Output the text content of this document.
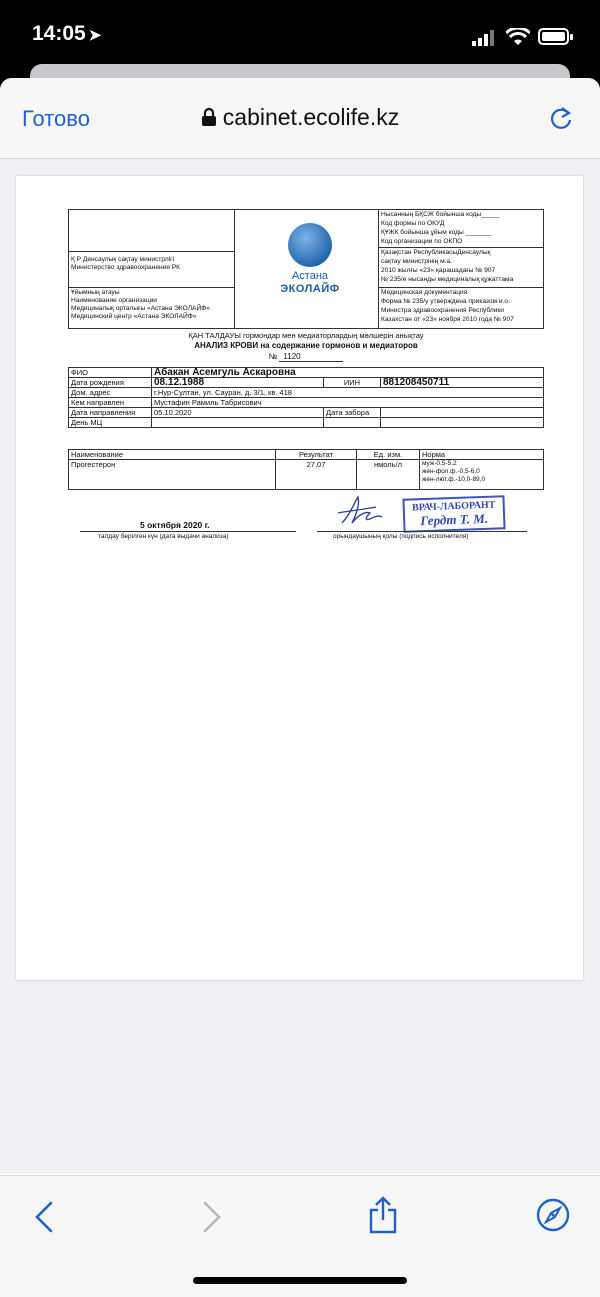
14:05 ➤
Готово	cabinet.ecolife.kz
Қ Р Денсаулық сақтау министрлігі
Министерство здравоохранения РК
Ұйымның атауы
Наименование организации
Медициналық орталығы «Астана ЭКОЛАЙФ»
Медицинский центр «Астана ЭКОЛАЙФ»
Астана
ЭКОЛАЙФ
Нысанның БҚСЖ бойынша коды_____
Код формы по ОКУД
ҚҰЖК бойынша ұйым коды _______
Код организации по ОКПО
Қазақстан РеспубликасыДенсаулық
сақтау министрінің м.а.
2010 жылғы «23» қарашадағы № 907
№ 235/е нысанды медициналық құжаттама
Медицинская документация
Форма № 235/у утверждена приказом и.о.
Министра здравоохранения Республики
Казахстан от «23» ноября 2010 года № 907
ҚАН ТАЛДАУЫ гормондар мен медиаторлардың мөлшерін анықтау
АНАЛИЗ КРОВИ на содержание гормонов и медиаторов
№ 1120
ФИО	Абакан Асемгуль Аскаровна		
Дата рождения	08.12.1988	ИИН	881208450711
Дом. адрес	г.Нур-Султан, ул. Сауран, д. 3/1, кв. 418		
Кем направлен	Мустафин Рамиль Табрисович		
Дата направления	05.10.2020	Дата забора	
День МЦ			
Наименование	Результат	Ед. изм.	Норма
Прогестерон	27,07	нмоль/л	муж-0,5-5,2
жен-фол.ф.-0,5-6,0
жен-лют.ф.-10,0-89,0
5 октября 2020 г.
талдау берілген күн (дата выдачи анализа)
ВРАЧ-ЛАБОРАНТ
Гердт Т. М.
орындаушының қолы (подпись исполнителя)
